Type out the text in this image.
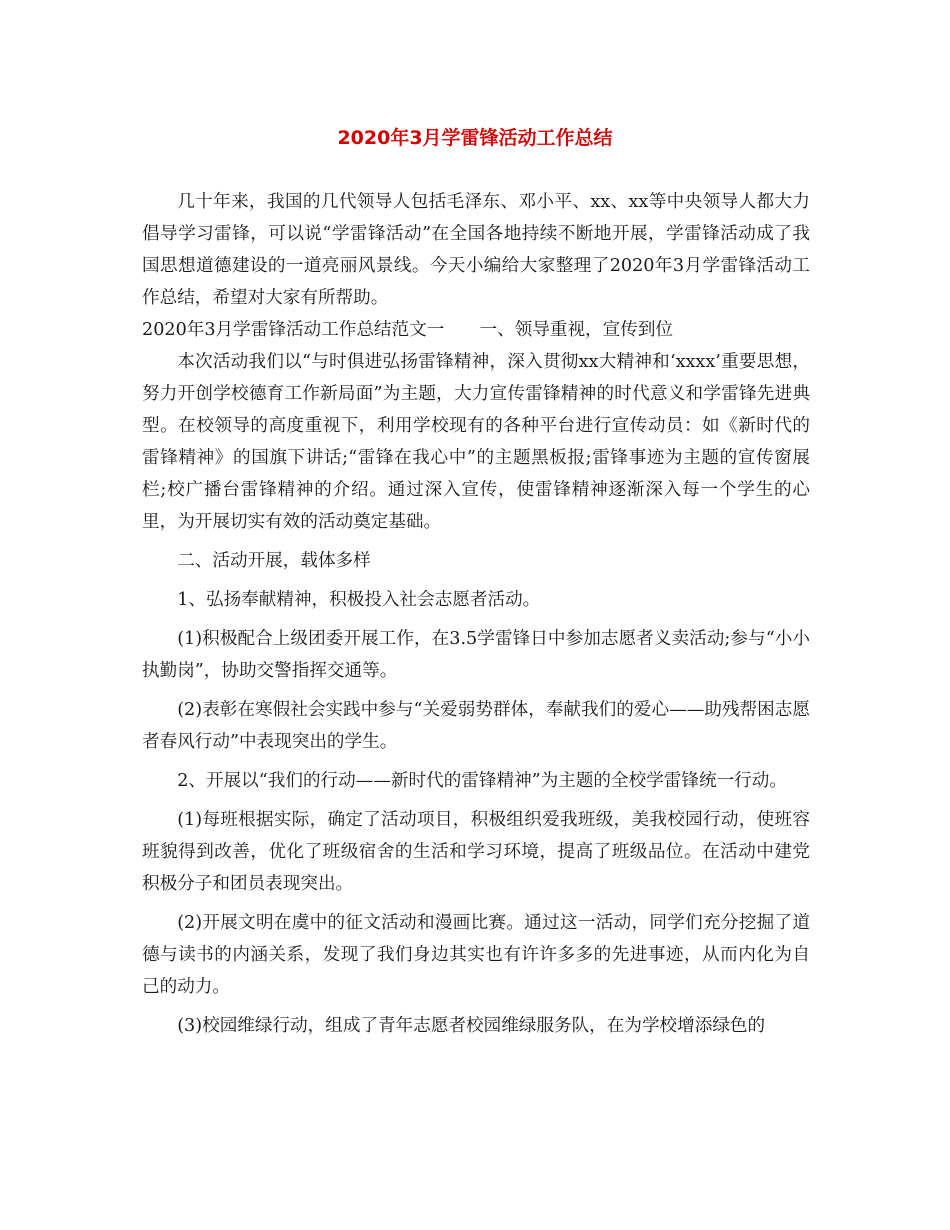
2020年3月学雷锋活动工作总结

几十年来，我国的几代领导人包括毛泽东、邓小平、xx、xx等中央领导人都大力倡导学习雷锋，可以说“学雷锋活动”在全国各地持续不断地开展，学雷锋活动成了我国思想道德建设的一道亮丽风景线。今天小编给大家整理了2020年3月学雷锋活动工作总结，希望对大家有所帮助。

2020年3月学雷锋活动工作总结范文一　　一、领导重视，宣传到位

本次活动我们以“与时俱进弘扬雷锋精神，深入贯彻xx大精神和‘xxxx’重要思想，努力开创学校德育工作新局面”为主题，大力宣传雷锋精神的时代意义和学雷锋先进典型。在校领导的高度重视下，利用学校现有的各种平台进行宣传动员：如《新时代的雷锋精神》的国旗下讲话;“雷锋在我心中”的主题黑板报;雷锋事迹为主题的宣传窗展栏;校广播台雷锋精神的介绍。通过深入宣传，使雷锋精神逐渐深入每一个学生的心里，为开展切实有效的活动奠定基础。

二、活动开展，载体多样

1、弘扬奉献精神，积极投入社会志愿者活动。

(1)积极配合上级团委开展工作，在3.5学雷锋日中参加志愿者义卖活动;参与“小小执勤岗”，协助交警指挥交通等。

(2)表彰在寒假社会实践中参与“关爱弱势群体，奉献我们的爱心——助残帮困志愿者春风行动”中表现突出的学生。

2、开展以“我们的行动——新时代的雷锋精神”为主题的全校学雷锋统一行动。

(1)每班根据实际，确定了活动项目，积极组织爱我班级，美我校园行动，使班容班貌得到改善，优化了班级宿舍的生活和学习环境，提高了班级品位。在活动中建党积极分子和团员表现突出。

(2)开展文明在虞中的征文活动和漫画比赛。通过这一活动，同学们充分挖掘了道德与读书的内涵关系，发现了我们身边其实也有许许多多的先进事迹，从而内化为自己的动力。

(3)校园维绿行动，组成了青年志愿者校园维绿服务队，在为学校增添绿色的
